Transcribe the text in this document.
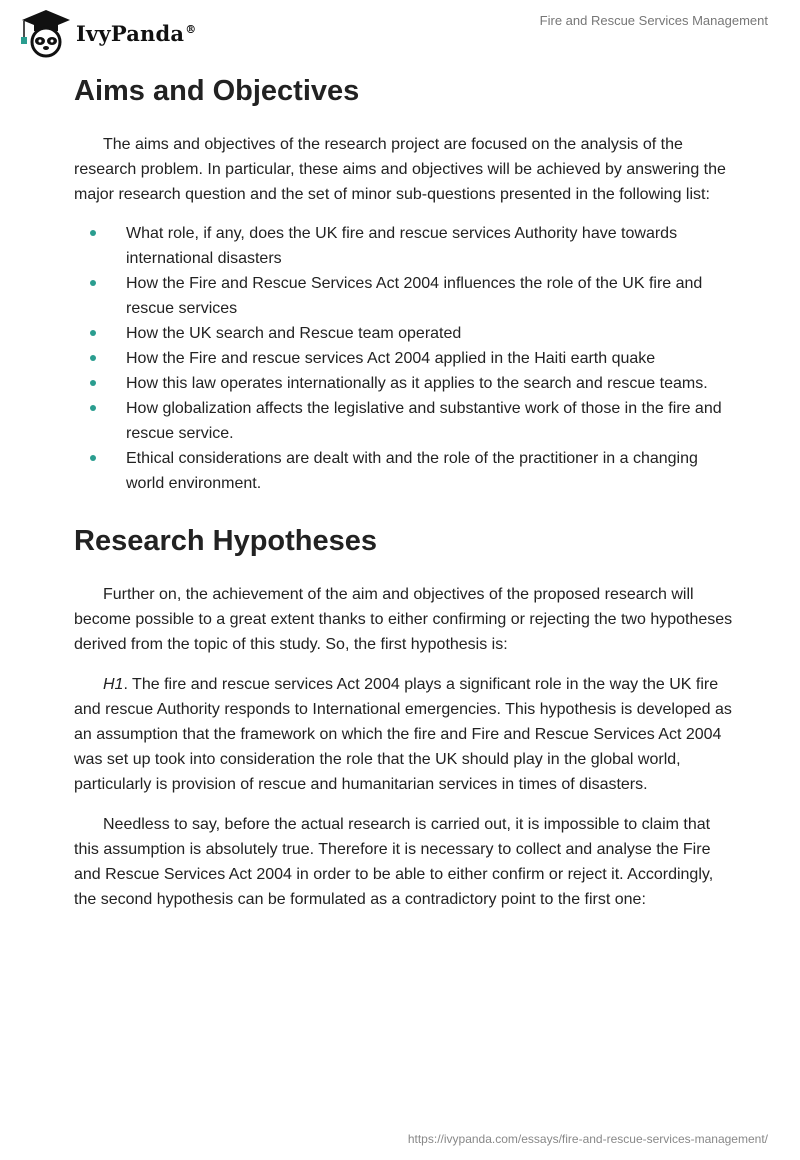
IvyPanda®
Fire and Rescue Services Management
Aims and Objectives

The aims and objectives of the research project are focused on the analysis of the research problem. In particular, these aims and objectives will be achieved by answering the major research question and the set of minor sub-questions presented in the following list:

What role, if any, does the UK fire and rescue services Authority have towards international disasters
How the Fire and Rescue Services Act 2004 influences the role of the UK fire and rescue services
How the UK search and Rescue team operated
How the Fire and rescue services Act 2004 applied in the Haiti earth quake
How this law operates internationally as it applies to the search and rescue teams.
How globalization affects the legislative and substantive work of those in the fire and rescue service.
Ethical considerations are dealt with and the role of the practitioner in a changing world environment.
Research Hypotheses

Further on, the achievement of the aim and objectives of the proposed research will become possible to a great extent thanks to either confirming or rejecting the two hypotheses derived from the topic of this study. So, the first hypothesis is:

H1. The fire and rescue services Act 2004 plays a significant role in the way the UK fire and rescue Authority responds to International emergencies. This hypothesis is developed as an assumption that the framework on which the fire and Fire and Rescue Services Act 2004 was set up took into consideration the role that the UK should play in the global world, particularly is provision of rescue and humanitarian services in times of disasters.

Needless to say, before the actual research is carried out, it is impossible to claim that this assumption is absolutely true. Therefore it is necessary to collect and analyse the Fire and Rescue Services Act 2004 in order to be able to either confirm or reject it. Accordingly, the second hypothesis can be formulated as a contradictory point to the first one:

https://ivypanda.com/essays/fire-and-rescue-services-management/
